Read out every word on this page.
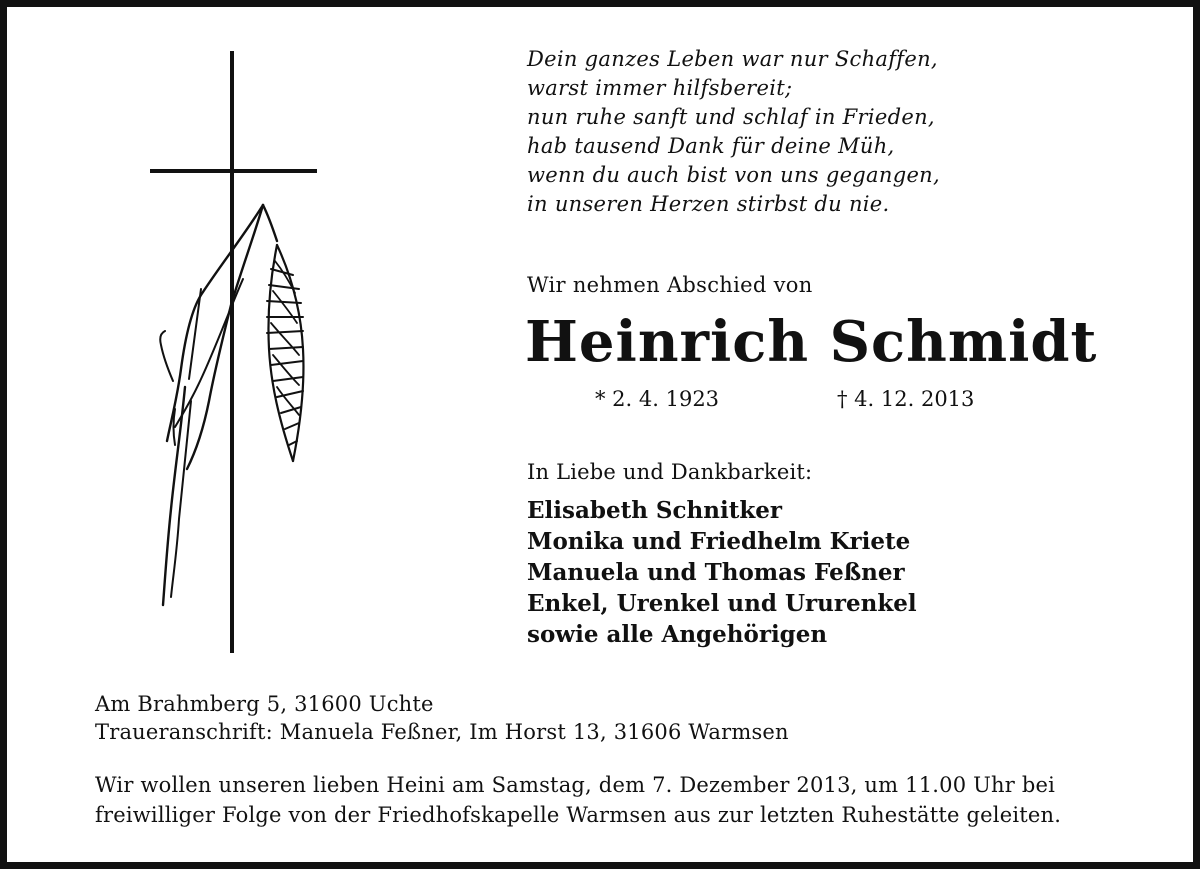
Dein ganzes Leben war nur Schaffen,
warst immer hilfsbereit;
nun ruhe sanft und schlaf in Frieden,
hab tausend Dank für deine Müh,
wenn du auch bist von uns gegangen,
in unseren Herzen stirbst du nie.
Wir nehmen Abschied von
Heinrich Schmidt
* 2. 4. 1923	† 4. 12. 2013
In Liebe und Dankbarkeit:
Elisabeth Schnitker
Monika und Friedhelm Kriete
Manuela und Thomas Feßner
Enkel, Urenkel und Ururenkel
sowie alle Angehörigen
Am Brahmberg 5, 31600 Uchte
Traueranschrift: Manuela Feßner, Im Horst 13, 31606 Warmsen
Wir wollen unseren lieben Heini am Samstag, dem 7. Dezember 2013, um 11.00 Uhr bei
freiwilliger Folge von der Friedhofskapelle Warmsen aus zur letzten Ruhestätte geleiten.
